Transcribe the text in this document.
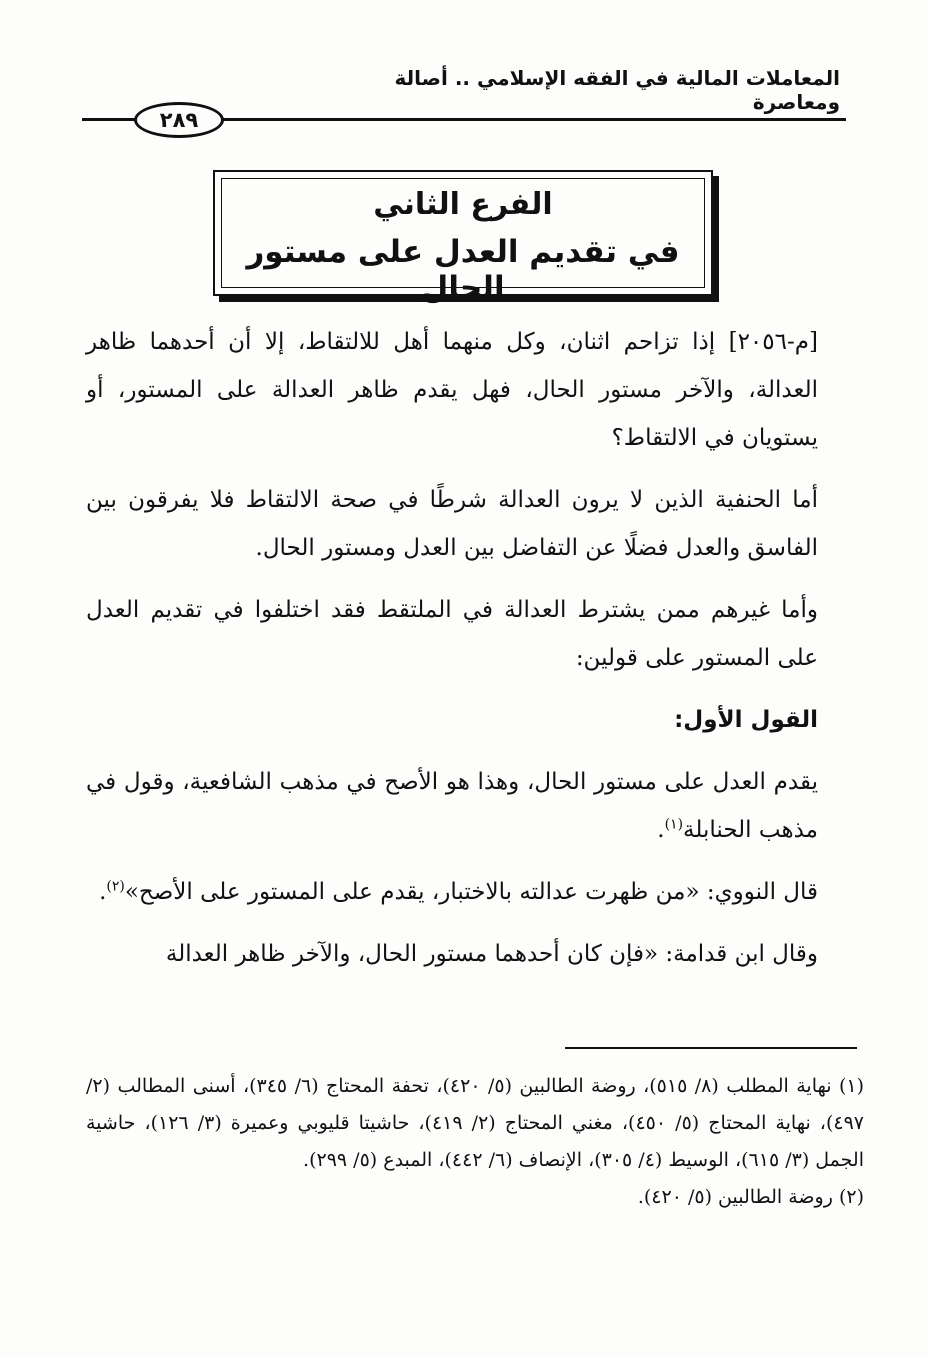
المعاملات المالية في الفقه الإسلامي .. أصالة ومعاصرة
٢٨٩
الفرع الثاني
في تقديم العدل على مستور الحال

[م-٢٠٥٦] إذا تزاحم اثنان، وكل منهما أهل للالتقاط، إلا أن أحدهما ظاهر العدالة، والآخر مستور الحال، فهل يقدم ظاهر العدالة على المستور، أو يستويان في الالتقاط؟

أما الحنفية الذين لا يرون العدالة شرطًا في صحة الالتقاط فلا يفرقون بين الفاسق والعدل فضلًا عن التفاضل بين العدل ومستور الحال.

وأما غيرهم ممن يشترط العدالة في الملتقط فقد اختلفوا في تقديم العدل على المستور على قولين:

القول الأول:

يقدم العدل على مستور الحال، وهذا هو الأصح في مذهب الشافعية، وقول في مذهب الحنابلة$^{(١)}$.

قال النووي: «من ظهرت عدالته بالاختبار، يقدم على المستور على الأصح»$^{(٢)}$.

وقال ابن قدامة: «فإن كان أحدهما مستور الحال، والآخر ظاهر العدالة

(١) نهاية المطلب (٨/ ٥١٥)، روضة الطالبين (٥/ ٤٢٠)، تحفة المحتاج (٦/ ٣٤٥)، أسنى المطالب (٢/ ٤٩٧)، نهاية المحتاج (٥/ ٤٥٠)، مغني المحتاج (٢/ ٤١٩)، حاشيتا قليوبي وعميرة (٣/ ١٢٦)، حاشية الجمل (٣/ ٦١٥)، الوسيط (٤/ ٣٠٥)، الإنصاف (٦/ ٤٤٢)، المبدع (٥/ ٢٩٩).

(٢) روضة الطالبين (٥/ ٤٢٠).
